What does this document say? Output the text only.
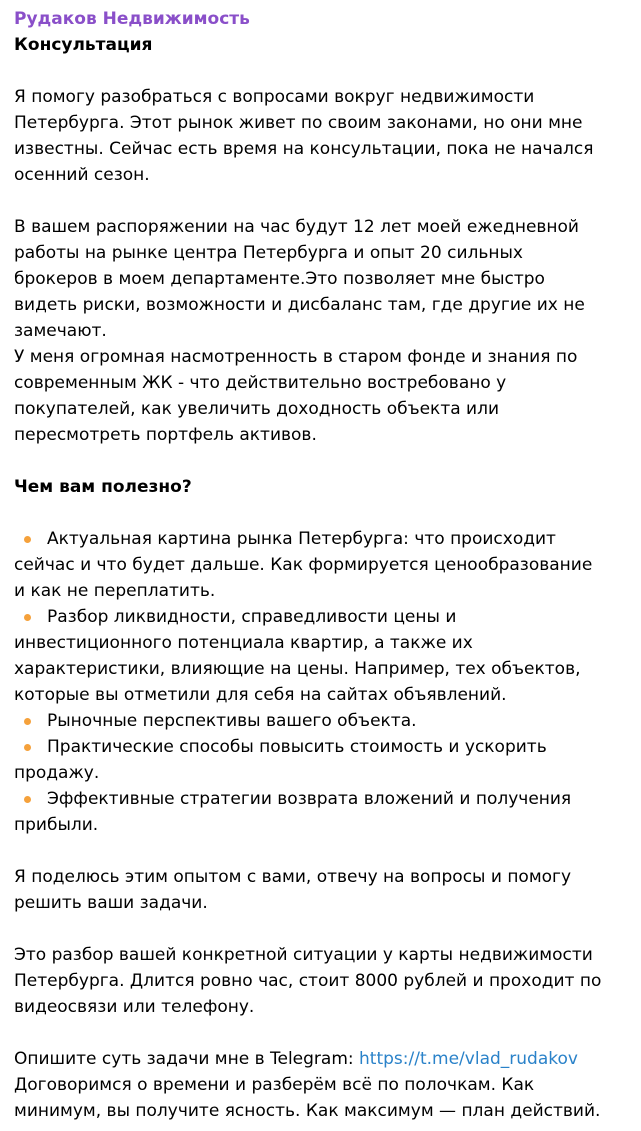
Рудаков Недвижимость
Консультация
Я помогу разобраться с вопросами вокруг недвижимости
Петербурга. Этот рынок живет по своим законами, но они мне
известны. Сейчас есть время на консультации, пока не начался
осенний сезон.
В вашем распоряжении на час будут 12 лет моей ежедневной
работы на рынке центра Петербурга и опыт 20 сильных
брокеров в моем департаменте.Это позволяет мне быстро
видеть риски, возможности и дисбаланс там, где другие их не
замечают.
У меня огромная насмотренность в старом фонде и знания по
современным ЖК - что действительно востребовано у
покупателей, как увеличить доходность объекта или
пересмотреть портфель активов.
Чем вам полезно?
Актуальная картина рынка Петербурга: что происходит
сейчас и что будет дальше. Как формируется ценообразование
и как не переплатить.
Разбор ликвидности, справедливости цены и
инвестиционного потенциала квартир, а также их
характеристики, влияющие на цены. Например, тех объектов,
которые вы отметили для себя на сайтах объявлений.
Рыночные перспективы вашего объекта.
Практические способы повысить стоимость и ускорить
продажу.
Эффективные стратегии возврата вложений и получения
прибыли.
Я поделюсь этим опытом с вами, отвечу на вопросы и помогу
решить ваши задачи.
Это разбор вашей конкретной ситуации у карты недвижимости
Петербурга. Длится ровно час, стоит 8000 рублей и проходит по
видеосвязи или телефону.
Опишите суть задачи мне в Telegram: https://t.me/vlad_rudakov
Договоримся о времени и разберём всё по полочкам. Как
минимум, вы получите ясность. Как максимум — план действий.
